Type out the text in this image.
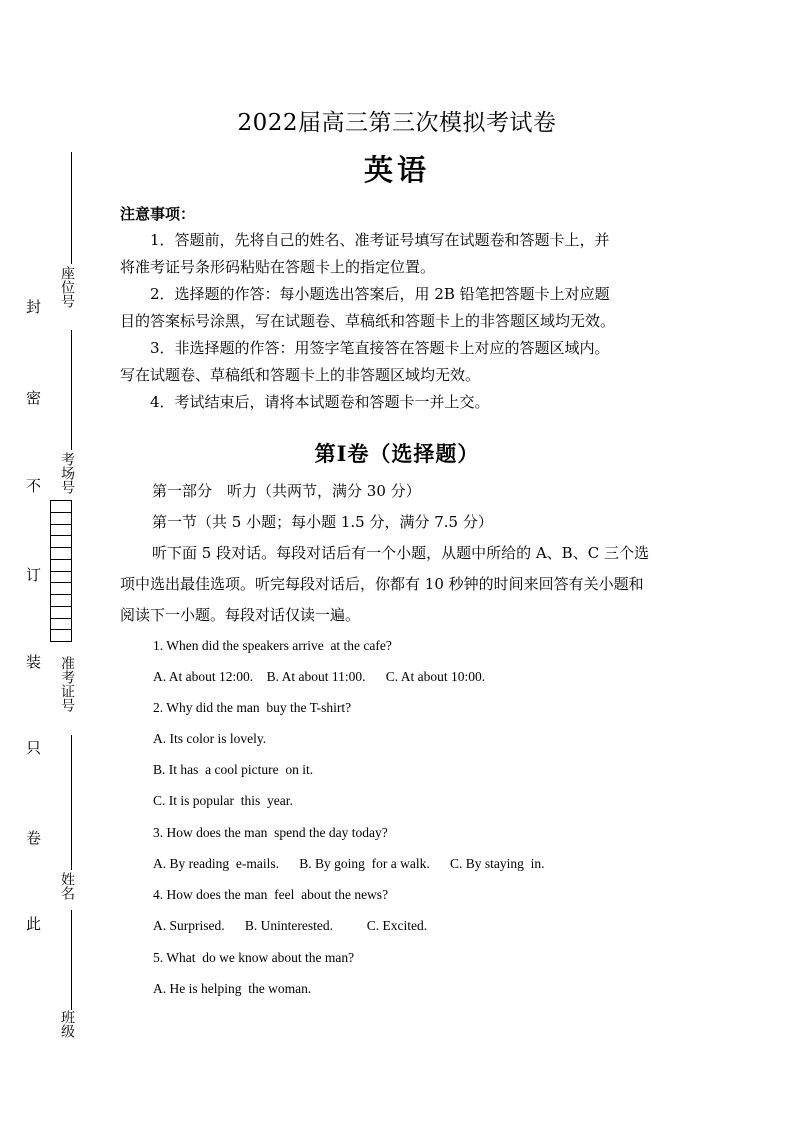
座位号
考场号
准考证号
姓名
班级
封
密
不
订
装
只
卷
此
2022届高三第三次模拟考试卷
英语
注意事项：
1．答题前，先将自己的姓名、准考证号填写在试题卷和答题卡上，并
将准考证号条形码粘贴在答题卡上的指定位置。
2．选择题的作答：每小题选出答案后，用 2B 铅笔把答题卡上对应题
目的答案标号涂黑，写在试题卷、草稿纸和答题卡上的非答题区域均无效。
3．非选择题的作答：用签字笔直接答在答题卡上对应的答题区域内。
写在试题卷、草稿纸和答题卡上的非答题区域均无效。
4．考试结束后，请将本试题卷和答题卡一并上交。
第Ⅰ卷（选择题）
第一部分　听力（共两节，满分 30 分）
第一节（共 5 小题；每小题 1.5 分，满分 7.5 分）
听下面 5 段对话。每段对话后有一个小题，从题中所给的 A、B、C 三个选
项中选出最佳选项。听完每段对话后，你都有 10 秒钟的时间来回答有关小题和
阅读下一小题。每段对话仅读一遍。
1. When did the speakers arrive  at the cafe?
A. At about 12:00.    B. At about 11:00.      C. At about 10:00.
2. Why did the man  buy the T-shirt?
A. Its color is lovely.
B. It has  a cool picture  on it.
C. It is popular  this  year.
3. How does the man  spend the day today?
A. By reading  e-mails.      B. By going  for a walk.      C. By staying  in.
4. How does the man  feel  about the news?
A. Surprised.      B. Uninterested.          C. Excited.
5. What  do we know about the man?
A. He is helping  the woman.
